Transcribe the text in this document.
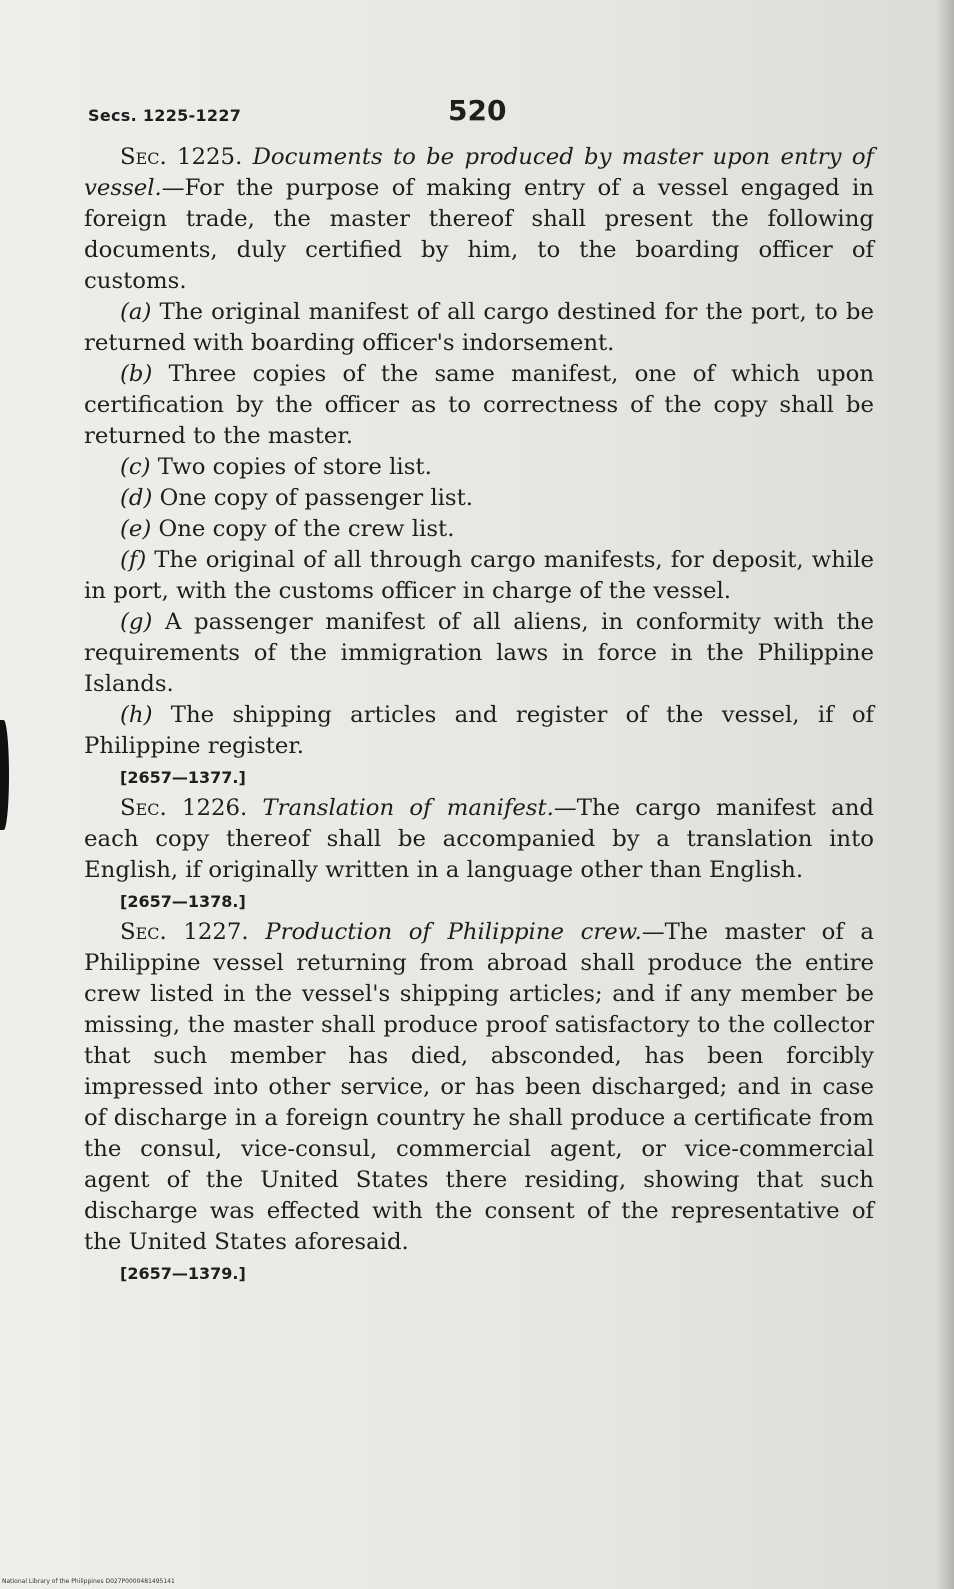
Secs. 1225-1227	520

Sec. 1225. Documents to be produced by master upon entry of vessel.—For the purpose of making entry of a vessel engaged in foreign trade, the master thereof shall present the following documents, duly certified by him, to the boarding officer of customs.

(a) The original manifest of all cargo destined for the port, to be returned with boarding officer's indorsement.

(b) Three copies of the same manifest, one of which upon certification by the officer as to correctness of the copy shall be returned to the master.

(c) Two copies of store list.

(d) One copy of passenger list.

(e) One copy of the crew list.

(f) The original of all through cargo manifests, for deposit, while in port, with the customs officer in charge of the vessel.

(g) A passenger manifest of all aliens, in conformity with the requirements of the immigration laws in force in the Philippine Islands.

(h) The shipping articles and register of the vessel, if of Philippine register.

[2657—1377.]

Sec. 1226. Translation of manifest.—The cargo manifest and each copy thereof shall be accompanied by a translation into English, if originally written in a language other than English.

[2657—1378.]

Sec. 1227. Production of Philippine crew.—The master of a Philippine vessel returning from abroad shall produce the entire crew listed in the vessel's shipping articles; and if any member be missing, the master shall produce proof satisfactory to the collector that such member has died, absconded, has been forcibly impressed into other service, or has been discharged; and in case of discharge in a foreign country he shall produce a certificate from the consul, vice-consul, commercial agent, or vice-commercial agent of the United States there residing, showing that such discharge was effected with the consent of the representative of the United States aforesaid.

[2657—1379.]

National Library of the Philippines D027P0000481495141
